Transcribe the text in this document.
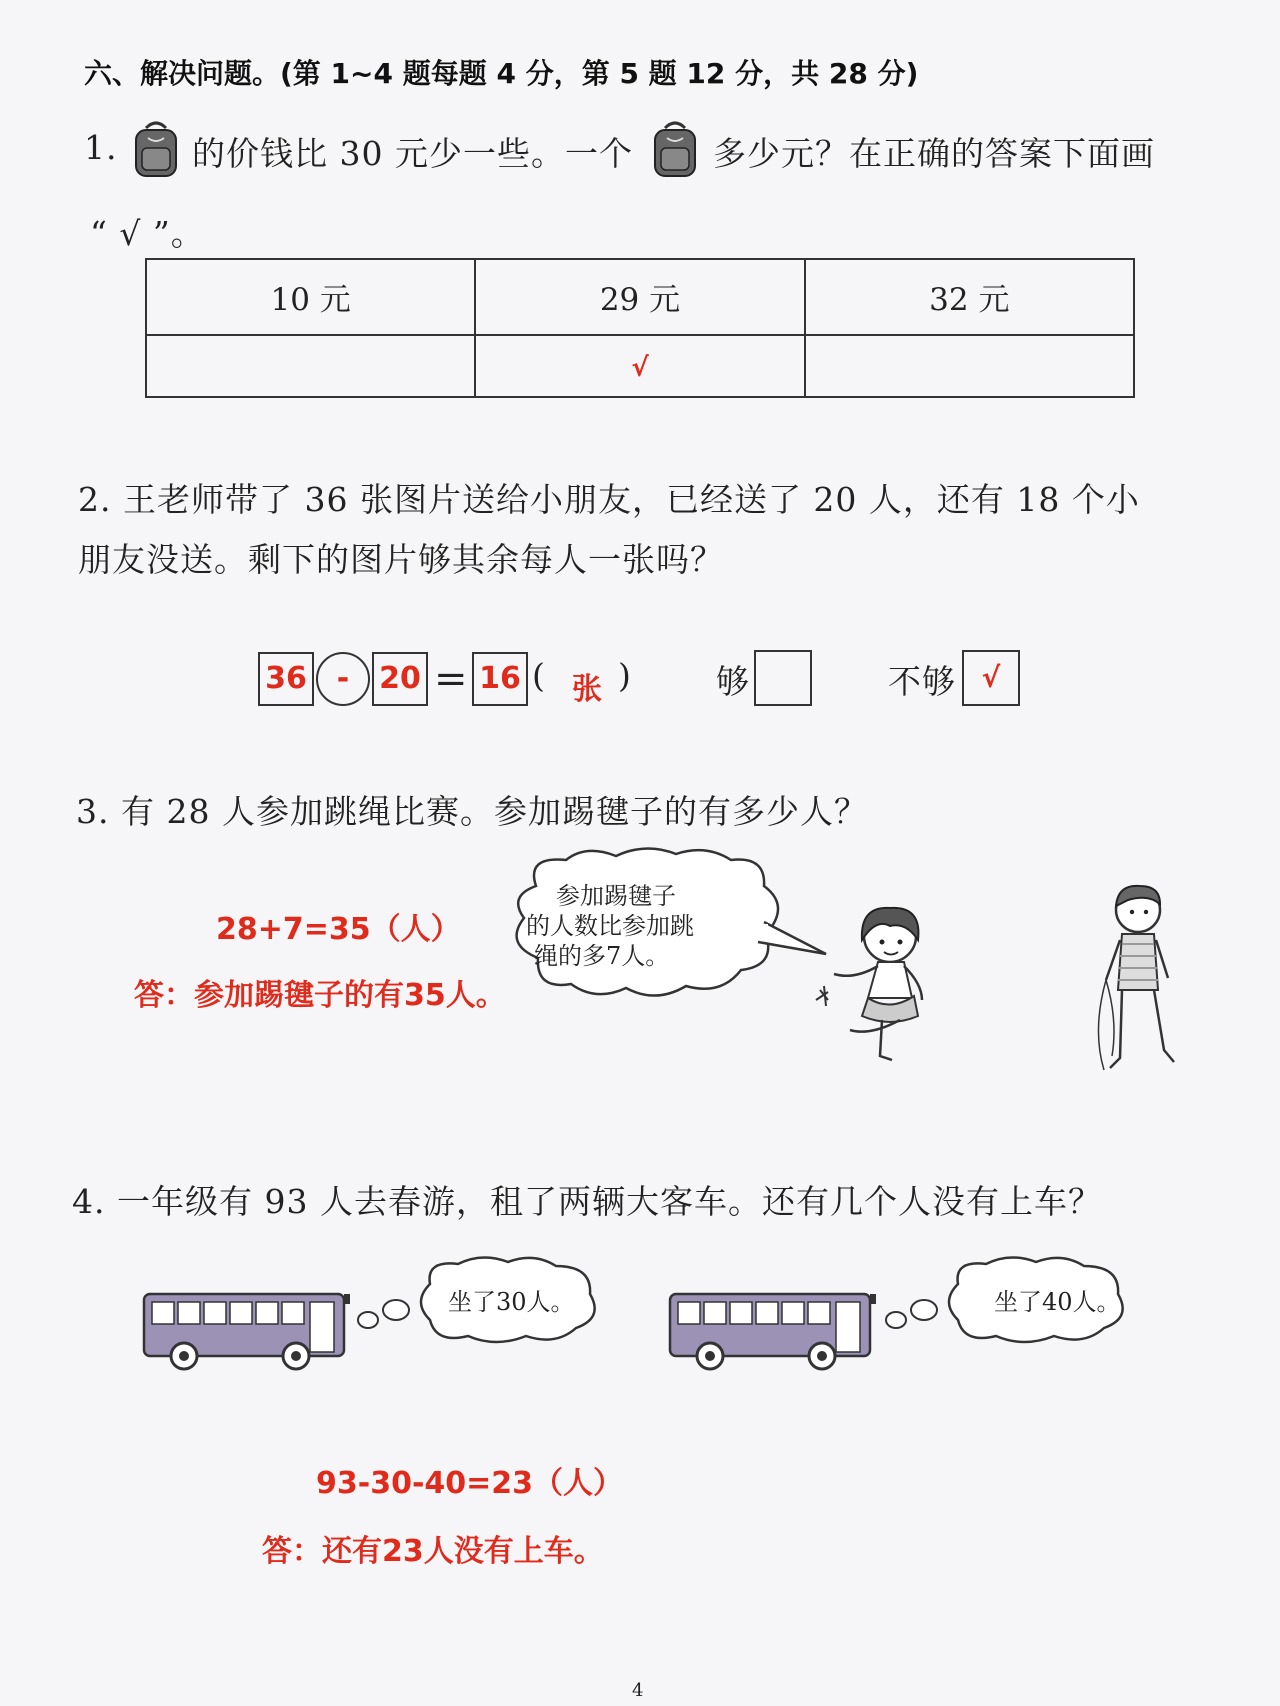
六、解决问题。(第 1~4 题每题 4 分，第 5 题 12 分，共 28 分)
1. 的价钱比 30 元少一些。一个 多少元？在正确的答案下面画
“ √ ”。
10 元	29 元	32 元
	√	
2. 王老师带了 36 张图片送给小朋友，已经送了 20 人，还有 18 个小
朋友没送。剩下的图片够其余每人一张吗？
36 - 20 = 16 ( 张 )	够	不够 √
3. 有 28 人参加跳绳比赛。参加踢毽子的有多少人？
参加踢毽子
的人数比参加跳
绳的多7人。
28+7=35（人）
答：参加踢毽子的有35人。
4. 一年级有 93 人去春游，租了两辆大客车。还有几个人没有上车？
坐了30人。	坐了40人。
93-30-40=23（人）
答：还有23人没有上车。
4
